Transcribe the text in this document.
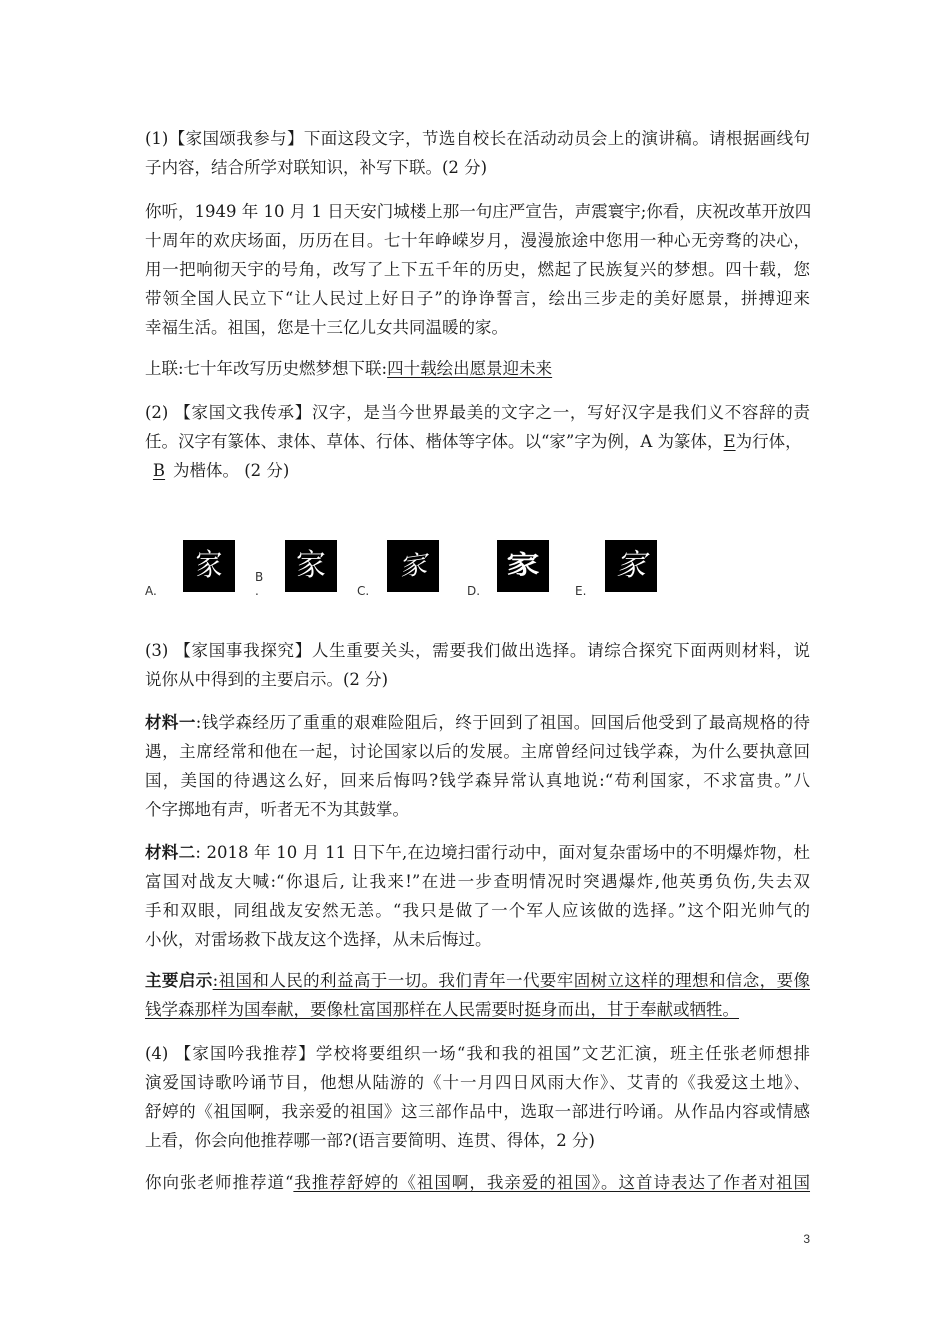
(1)【家国颂我参与】下面这段文字，节选自校长在活动动员会上的演讲稿。请根据画线句
子内容，结合所学对联知识，补写下联。(2 分)

你听，1949 年 10 月 1 日天安门城楼上那一句庄严宣告，声震寰宇;你看，庆祝改革开放四
十周年的欢庆场面，历历在目。七十年峥嵘岁月，漫漫旅途中您用一种心无旁骛的决心，
用一把响彻天宇的号角，改写了上下五千年的历史，燃起了民族复兴的梦想。四十载，您
带领全国人民立下“让人民过上好日子”的诤诤誓言，绘出三步走的美好愿景，拼搏迎来
幸福生活。祖国，您是十三亿儿女共同温暖的家。

上联:七十年改写历史燃梦想下联:四十载绘出愿景迎未来

(2) 【家国文我传承】汉字，是当今世界最美的文字之一，写好汉字是我们义不容辞的责
任。汉字有篆体、隶体、草体、行体、楷体等字体。以“家”字为例，A 为篆体，E为行体，
B 为楷体。 (2 分)

A.
家	B .
家
C.
家
D.
家
E.
家

(3) 【家国事我探究】人生重要关头，需要我们做出选择。请综合探究下面两则材料，说
说你从中得到的主要启示。(2 分)

材料一:钱学森经历了重重的艰难险阻后，终于回到了祖国。回国后他受到了最高规格的待
遇，主席经常和他在一起，讨论国家以后的发展。主席曾经问过钱学森，为什么要执意回
国，美国的待遇这么好，回来后悔吗?钱学森异常认真地说:“苟利国家，不求富贵。”八
个字掷地有声，听者无不为其鼓掌。

材料二: 2018 年 10 月 11 日下午,在边境扫雷行动中，面对复杂雷场中的不明爆炸物，杜
富国对战友大喊:“你退后, 让我来!”在进一步查明情况时突遇爆炸,他英勇负伤,失去双
手和双眼，同组战友安然无恙。“我只是做了一个军人应该做的选择。”这个阳光帅气的
小伙，对雷场救下战友这个选择，从未后悔过。

主要启示:祖国和人民的利益高于一切。我们青年一代要牢固树立这样的理想和信念，要像
钱学森那样为国奉献，要像杜富国那样在人民需要时挺身而出，甘于奉献或牺牲。

(4) 【家国吟我推荐】学校将要组织一场“我和我的祖国”文艺汇演，班主任张老师想排
演爱国诗歌吟诵节目，他想从陆游的《十一月四日风雨大作》、艾青的《我爱这土地》、
舒婷的《祖国啊，我亲爱的祖国》这三部作品中，选取一部进行吟诵。从作品内容或情感
上看，你会向他推荐哪一部?(语言要简明、连贯、得体，2 分)

你向张老师推荐道“我推荐舒婷的《祖国啊，我亲爱的祖国》。这首诗表达了作者对祖国

3
